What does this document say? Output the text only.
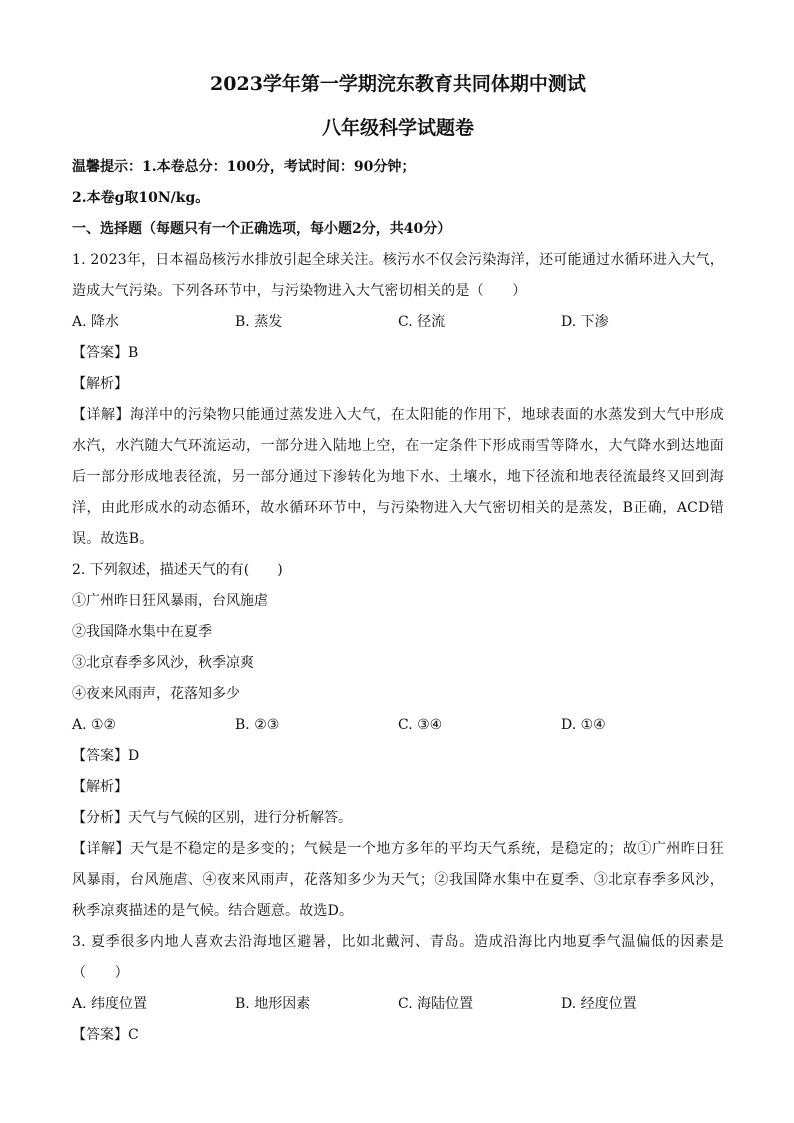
2023学年第一学期浣东教育共同体期中测试

八年级科学试题卷

温馨提示：1.本卷总分：100分，考试时间：90分钟；

2.本卷g取10N/kg。

一、选择题（每题只有一个正确选项，每小题2分，共40分）

1. 2023年，日本福岛核污水排放引起全球关注。核污水不仅会污染海洋，还可能通过水循环进入大气，造成大气污染。下列各环节中，与污染物进入大气密切相关的是（　　）

A. 降水	B. 蒸发	C. 径流	D. 下渗

【答案】B

【解析】

【详解】海洋中的污染物只能通过蒸发进入大气，在太阳能的作用下，地球表面的水蒸发到大气中形成水汽，水汽随大气环流运动，一部分进入陆地上空，在一定条件下形成雨雪等降水，大气降水到达地面后一部分形成地表径流，另一部分通过下渗转化为地下水、土壤水，地下径流和地表径流最终又回到海洋，由此形成水的动态循环，故水循环环节中，与污染物进入大气密切相关的是蒸发，B正确，ACD错误。故选B。

2. 下列叙述，描述天气的有(　　)

①广州昨日狂风暴雨，台风施虐

②我国降水集中在夏季

③北京春季多风沙，秋季凉爽

④夜来风雨声，花落知多少

A. ①②	B. ②③	C. ③④	D. ①④

【答案】D

【解析】

【分析】天气与气候的区别，进行分析解答。

【详解】天气是不稳定的是多变的；气候是一个地方多年的平均天气系统，是稳定的；故①广州昨日狂风暴雨，台风施虐、④夜来风雨声，花落知多少为天气；②我国降水集中在夏季、③北京春季多风沙，秋季凉爽描述的是气候。结合题意。故选D。

3. 夏季很多内地人喜欢去沿海地区避暑，比如北戴河、青岛。造成沿海比内地夏季气温偏低的因素是（　　）

A. 纬度位置	B. 地形因素	C. 海陆位置	D. 经度位置

【答案】C
